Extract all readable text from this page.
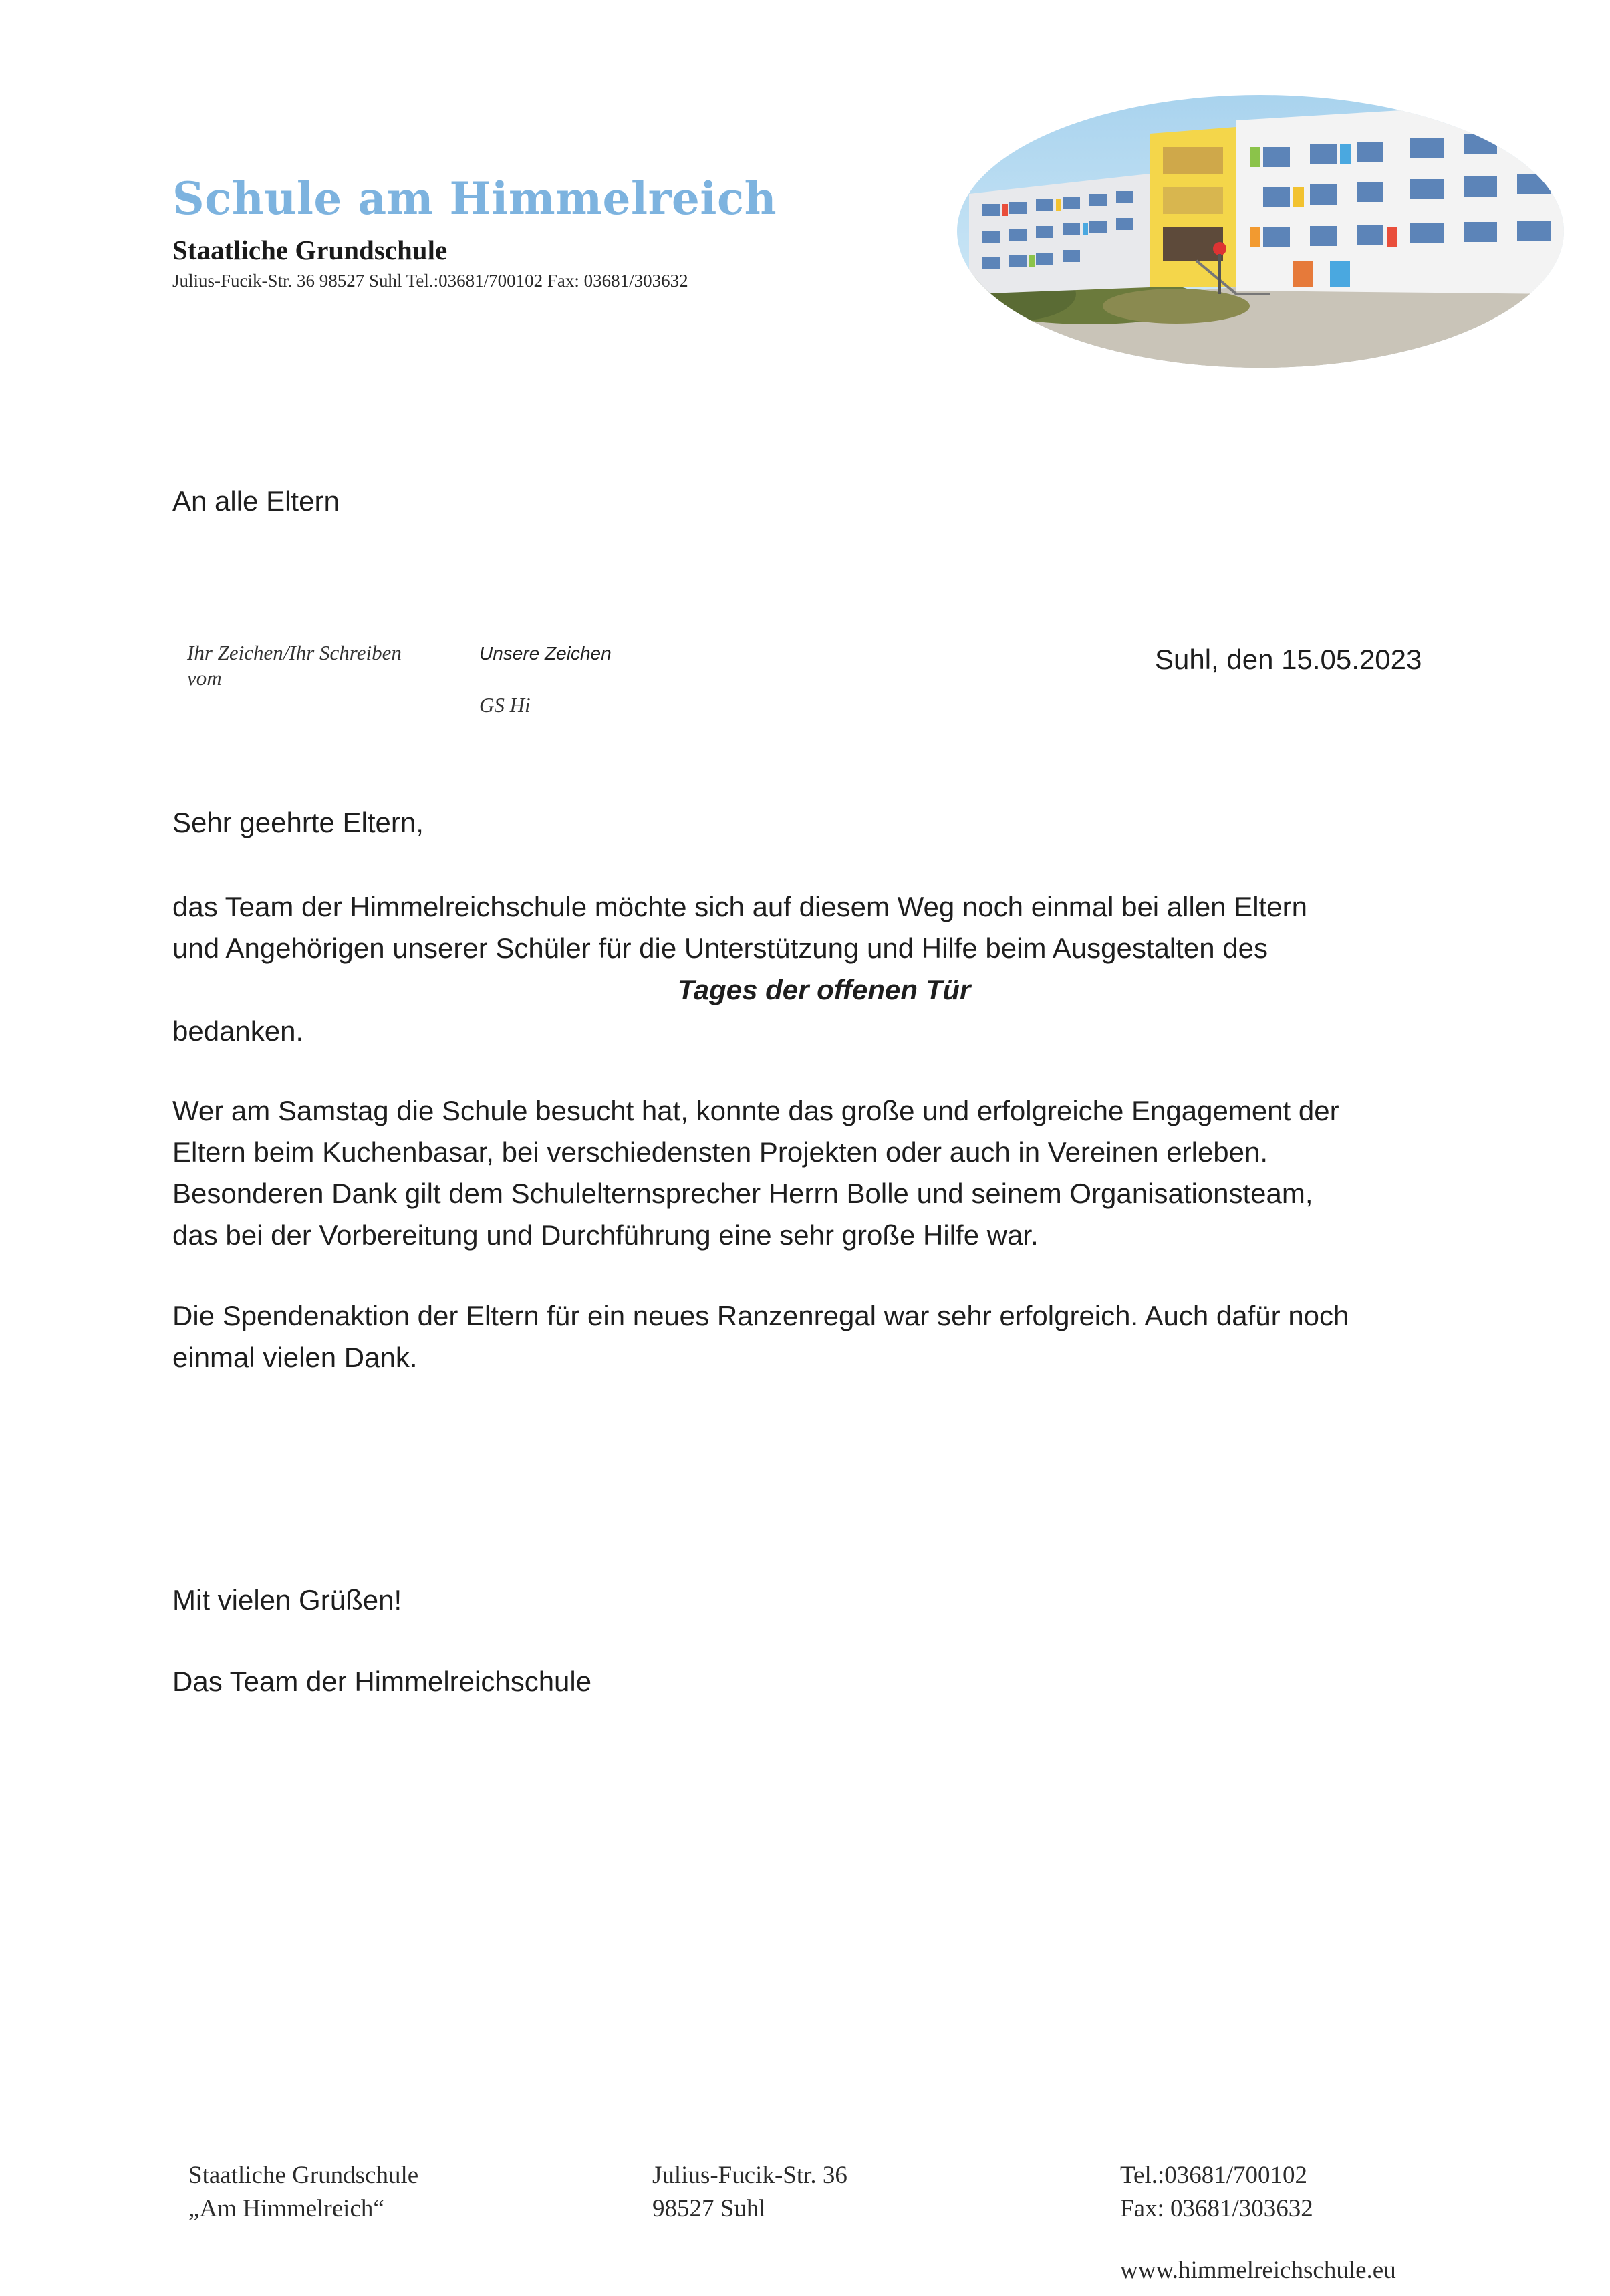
Schule am Himmelreich
Staatliche Grundschule
Julius-Fucik-Str. 36 98527 Suhl Tel.:03681/700102 Fax: 03681/303632
An alle Eltern
Ihr Zeichen/Ihr Schreiben vom
Unsere Zeichen
GS Hi
Suhl, den 15.05.2023
Sehr geehrte Eltern,
das Team der Himmelreichschule möchte sich auf diesem Weg noch einmal bei allen Eltern
und Angehörigen unserer Schüler für die Unterstützung und Hilfe beim Ausgestalten des
Tages der offenen Tür
bedanken.
Wer am Samstag die Schule besucht hat, konnte das große und erfolgreiche Engagement der
Eltern beim Kuchenbasar, bei verschiedensten Projekten oder auch in Vereinen erleben.
Besonderen Dank gilt dem Schulelternsprecher Herrn Bolle und seinem Organisationsteam,
das bei der Vorbereitung und Durchführung eine sehr große Hilfe war.
Die Spendenaktion der Eltern für ein neues Ranzenregal war sehr erfolgreich. Auch dafür noch
einmal vielen Dank.
Mit vielen Grüßen!
Das Team der Himmelreichschule
Staatliche Grundschule
„Am Himmelreich“
Julius-Fucik-Str. 36
98527 Suhl
Tel.:03681/700102
Fax: 03681/303632
www.himmelreichschule.eu
